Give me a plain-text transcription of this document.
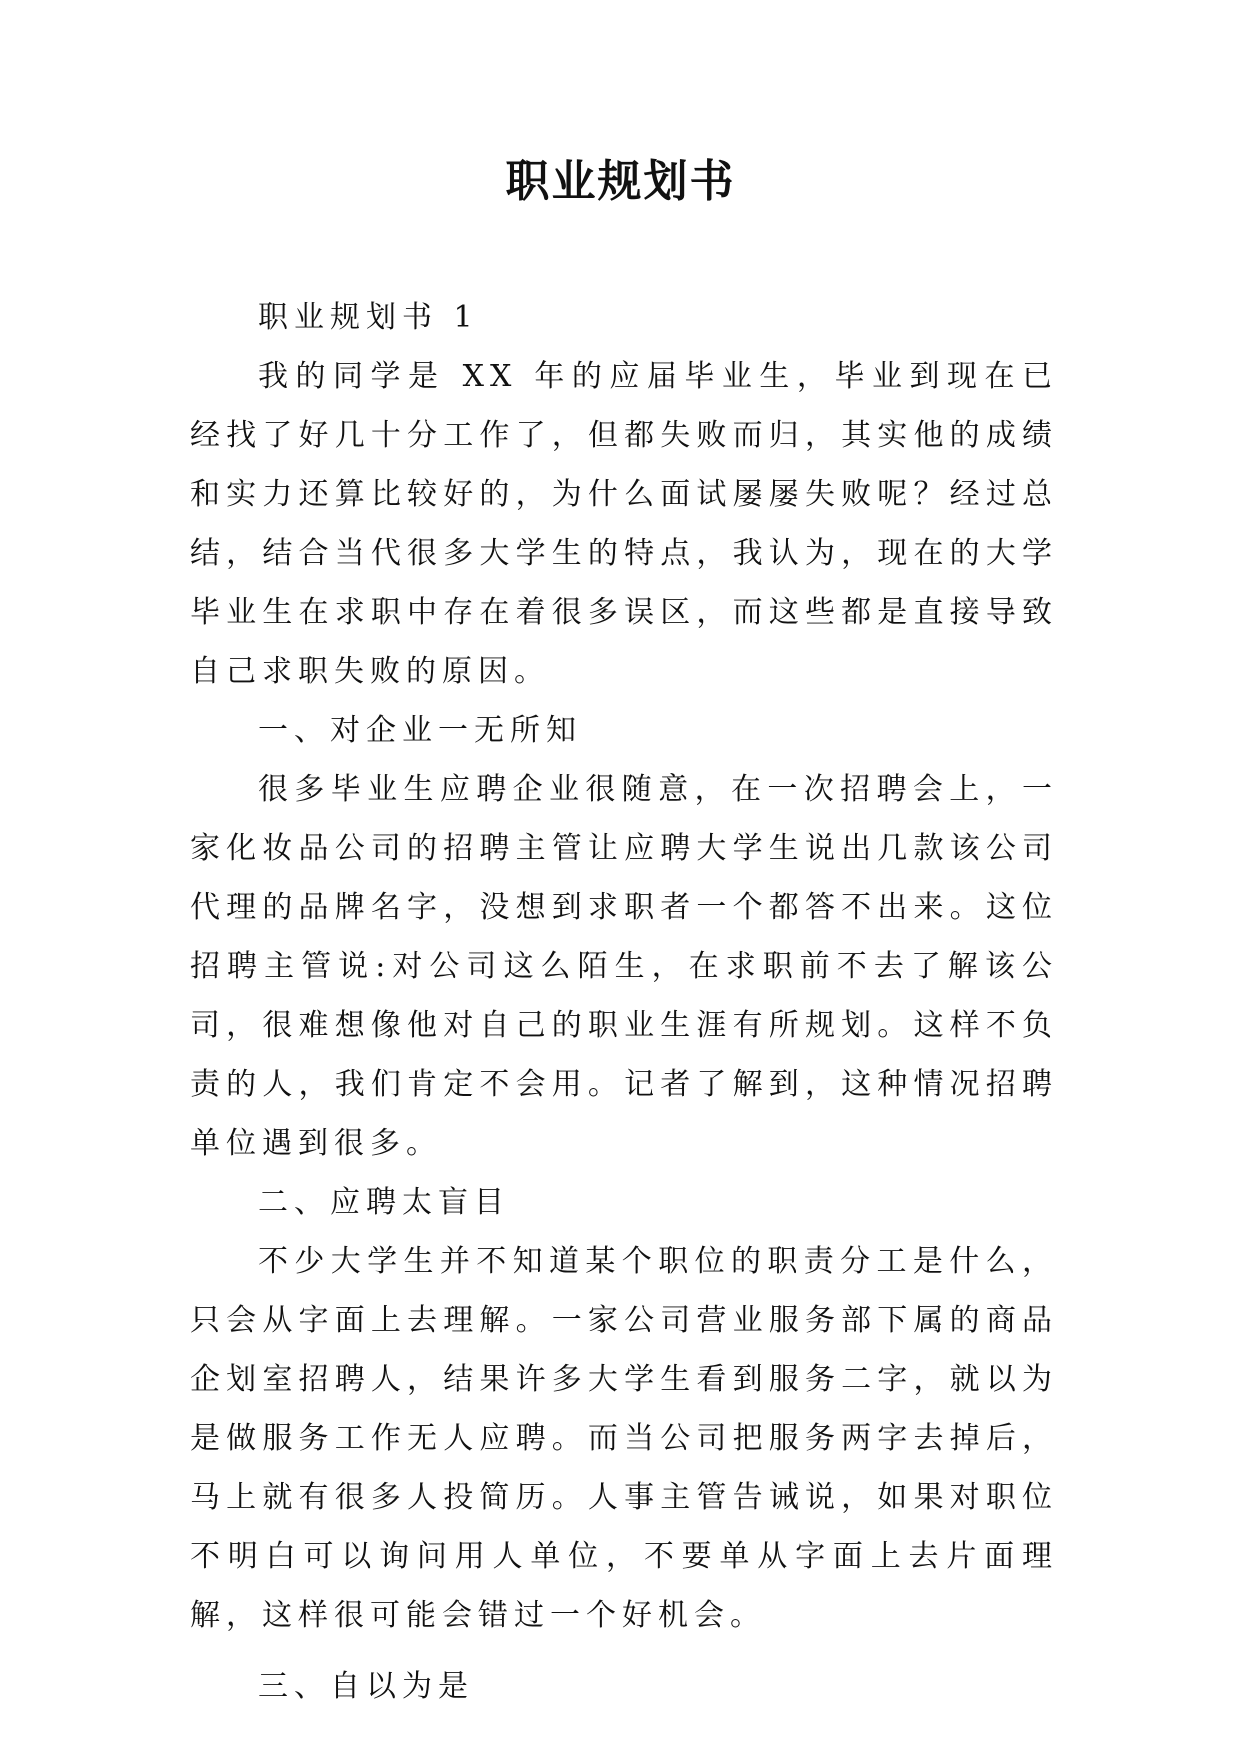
职业规划书

职业规划书 1

我的同学是 XX 年的应届毕业生，毕业到现在已经找了好几十分工作了，但都失败而归，其实他的成绩和实力还算比较好的，为什么面试屡屡失败呢？经过总结，结合当代很多大学生的特点，我认为，现在的大学毕业生在求职中存在着很多误区，而这些都是直接导致自己求职失败的原因。

一、对企业一无所知

很多毕业生应聘企业很随意，在一次招聘会上，一家化妆品公司的招聘主管让应聘大学生说出几款该公司代理的品牌名字，没想到求职者一个都答不出来。这位招聘主管说:对公司这么陌生，在求职前不去了解该公司，很难想像他对自己的职业生涯有所规划。这样不负责的人，我们肯定不会用。记者了解到，这种情况招聘单位遇到很多。

二、应聘太盲目

不少大学生并不知道某个职位的职责分工是什么，只会从字面上去理解。一家公司营业服务部下属的商品企划室招聘人，结果许多大学生看到服务二字，就以为是做服务工作无人应聘。而当公司把服务两字去掉后，马上就有很多人投简历。人事主管告诫说，如果对职位不明白可以询问用人单位，不要单从字面上去片面理解，这样很可能会错过一个好机会。

三、自以为是
